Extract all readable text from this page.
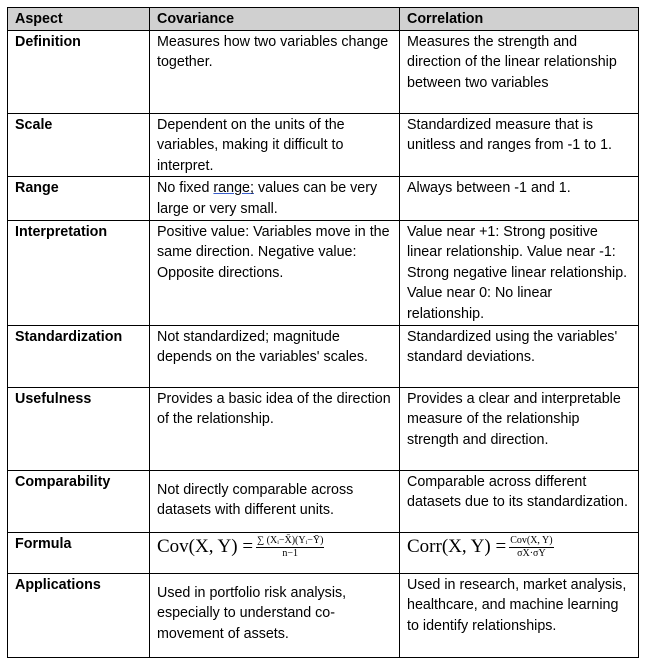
Aspect	Covariance	Correlation
Definition	Measures how two variables change together.	Measures the strength and direction of the linear relationship between two variables
Scale	Dependent on the units of the variables, making it difficult to interpret.	Standardized measure that is unitless and ranges from -1 to 1.
Range	No fixed range; values can be very large or very small.	Always between -1 and 1.
Interpretation	Positive value: Variables move in the same direction. Negative value: Opposite directions.	Value near +1: Strong positive linear relationship. Value near -1: Strong negative linear relationship. Value near 0: No linear relationship.
Standardization	Not standardized; magnitude depends on the variables' scales.	Standardized using the variables' standard deviations.
Usefulness	Provides a basic idea of the direction of the relationship.	Provides a clear and interpretable measure of the relationship strength and direction.
Comparability	Not directly comparable across datasets with different units.	Comparable across different datasets due to its standardization.
Formula	Cov(X, $Y) = \frac{\text{∑ (Xᵢ−X̄)(Yᵢ−Ȳ)}}{n-1}$	Corr(X, $Y) = \frac{\text{Cov(X, Y)}}{\sigma X\cdot\sigma Y}$

Applications	Used in portfolio risk analysis, especially to understand co-movement of assets.	Used in research, market analysis, healthcare, and machine learning to identify relationships.
